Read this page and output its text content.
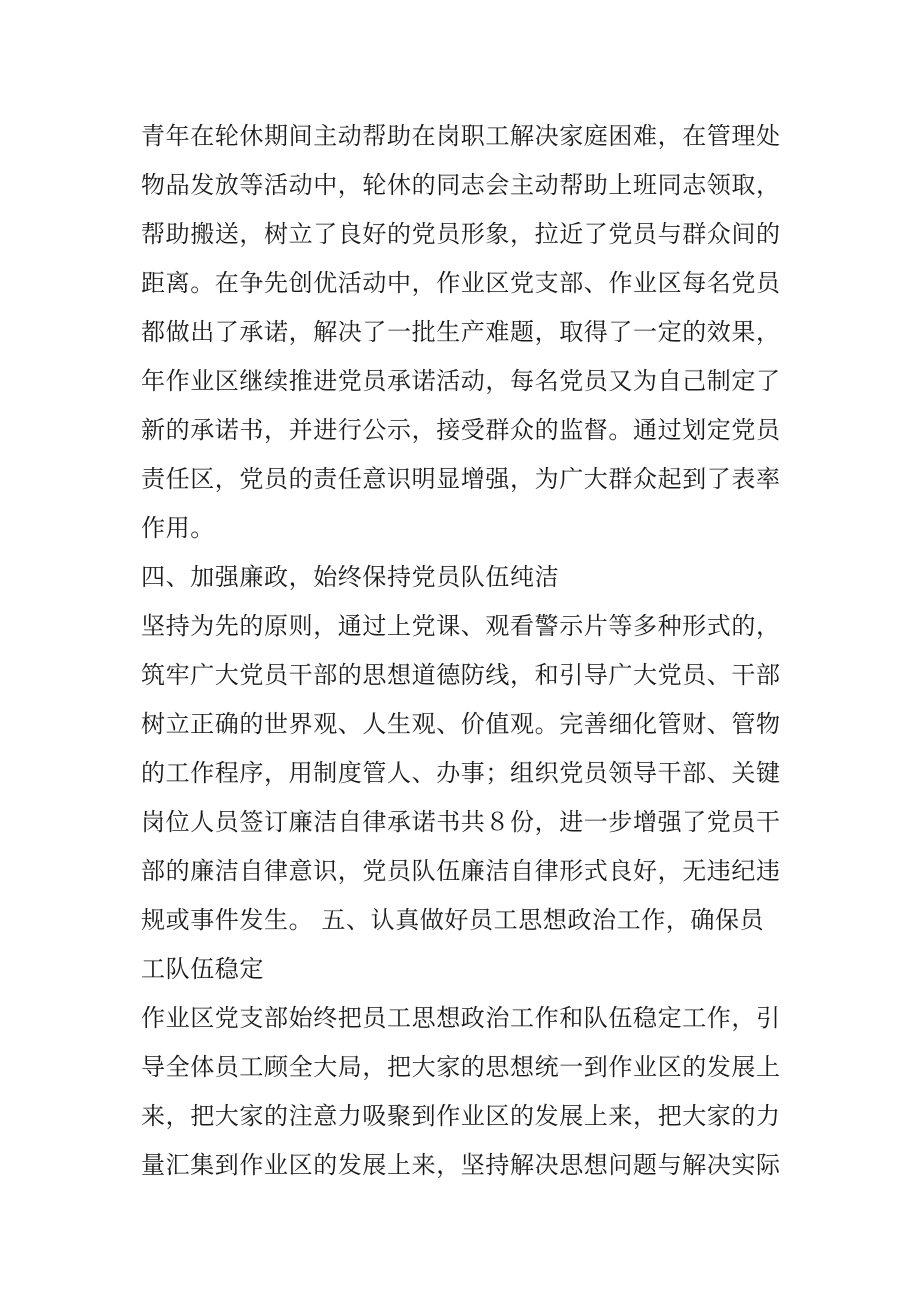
青年在轮休期间主动帮助在岗职工解决家庭困难，在管理处
物品发放等活动中，轮休的同志会主动帮助上班同志领取，
帮助搬送，树立了良好的党员形象，拉近了党员与群众间的
距离。在争先创优活动中，作业区党支部、作业区每名党员
都做出了承诺，解决了一批生产难题，取得了一定的效果，
年作业区继续推进党员承诺活动，每名党员又为自己制定了
新的承诺书，并进行公示，接受群众的监督。通过划定党员
责任区，党员的责任意识明显增强，为广大群众起到了表率
作用。
四、加强廉政，始终保持党员队伍纯洁
坚持为先的原则，通过上党课、观看警示片等多种形式的，
筑牢广大党员干部的思想道德防线，和引导广大党员、干部
树立正确的世界观、人生观、价值观。完善细化管财、管物
的工作程序，用制度管人、办事；组织党员领导干部、关键
岗位人员签订廉洁自律承诺书共８份，进一步增强了党员干
部的廉洁自律意识，党员队伍廉洁自律形式良好，无违纪违
规或事件发生。 五、认真做好员工思想政治工作，确保员
工队伍稳定
作业区党支部始终把员工思想政治工作和队伍稳定工作，引
导全体员工顾全大局，把大家的思想统一到作业区的发展上
来，把大家的注意力吸聚到作业区的发展上来，把大家的力
量汇集到作业区的发展上来，坚持解决思想问题与解决实际
